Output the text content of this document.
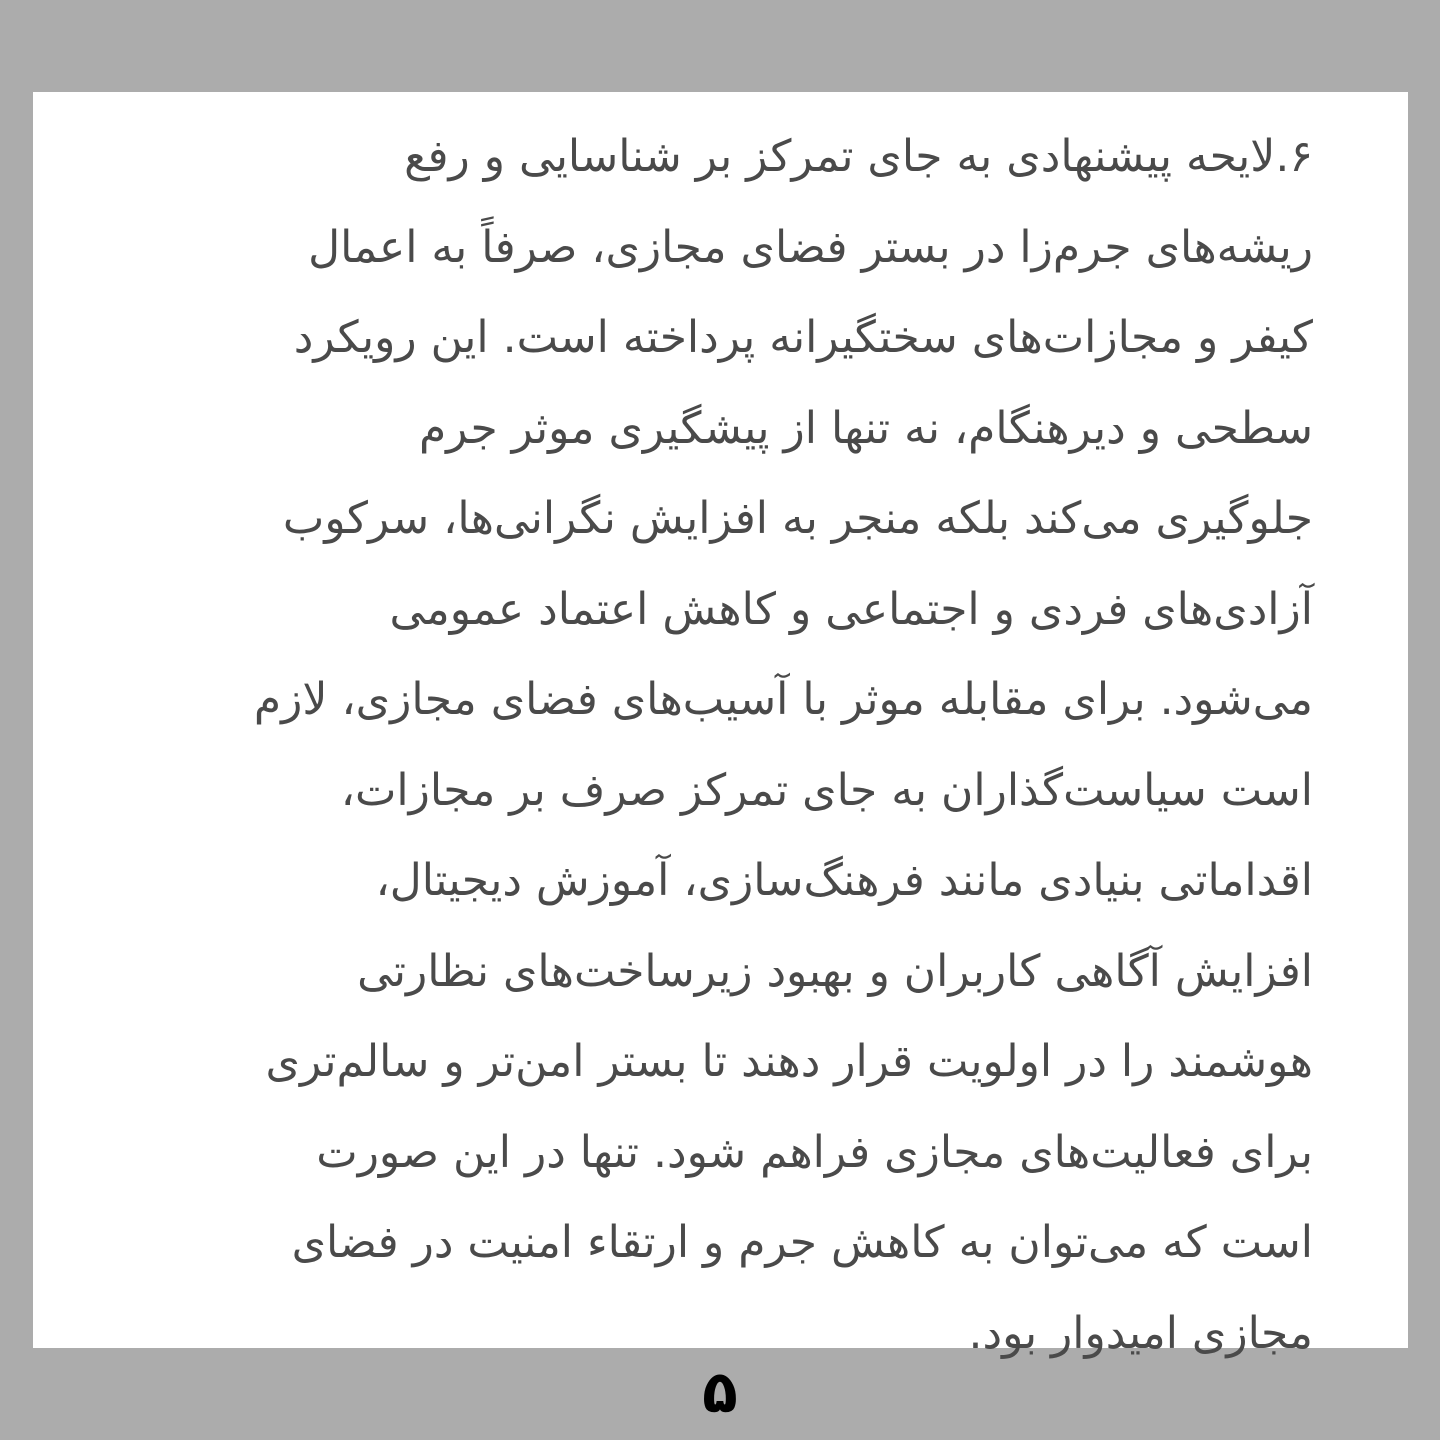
۶.لایحه پیشنهادی به جای تمرکز بر شناسایی و رفع
ریشه‌های جرم‌زا در بستر فضای مجازی، صرفاً به اعمال
کیفر و مجازات‌های سختگیرانه پرداخته است. این رویکرد
سطحی و دیرهنگام، نه تنها از پیشگیری موثر جرم
جلوگیری می‌کند بلکه منجر به افزایش نگرانی‌ها، سرکوب
آزادی‌های فردی و اجتماعی و کاهش اعتماد عمومی
می‌شود. برای مقابله موثر با آسیب‌های فضای مجازی، لازم
است سیاست‌گذاران به جای تمرکز صرف بر مجازات،
اقداماتی بنیادی مانند فرهنگ‌سازی، آموزش دیجیتال،
افزایش آگاهی کاربران و بهبود زیرساخت‌های نظارتی
هوشمند را در اولویت قرار دهند تا بستر امن‌تر و سالم‌تری
برای فعالیت‌های مجازی فراهم شود. تنها در این صورت
است که می‌توان به کاهش جرم و ارتقاء امنیت در فضای
مجازی امیدوار بود.
۵
